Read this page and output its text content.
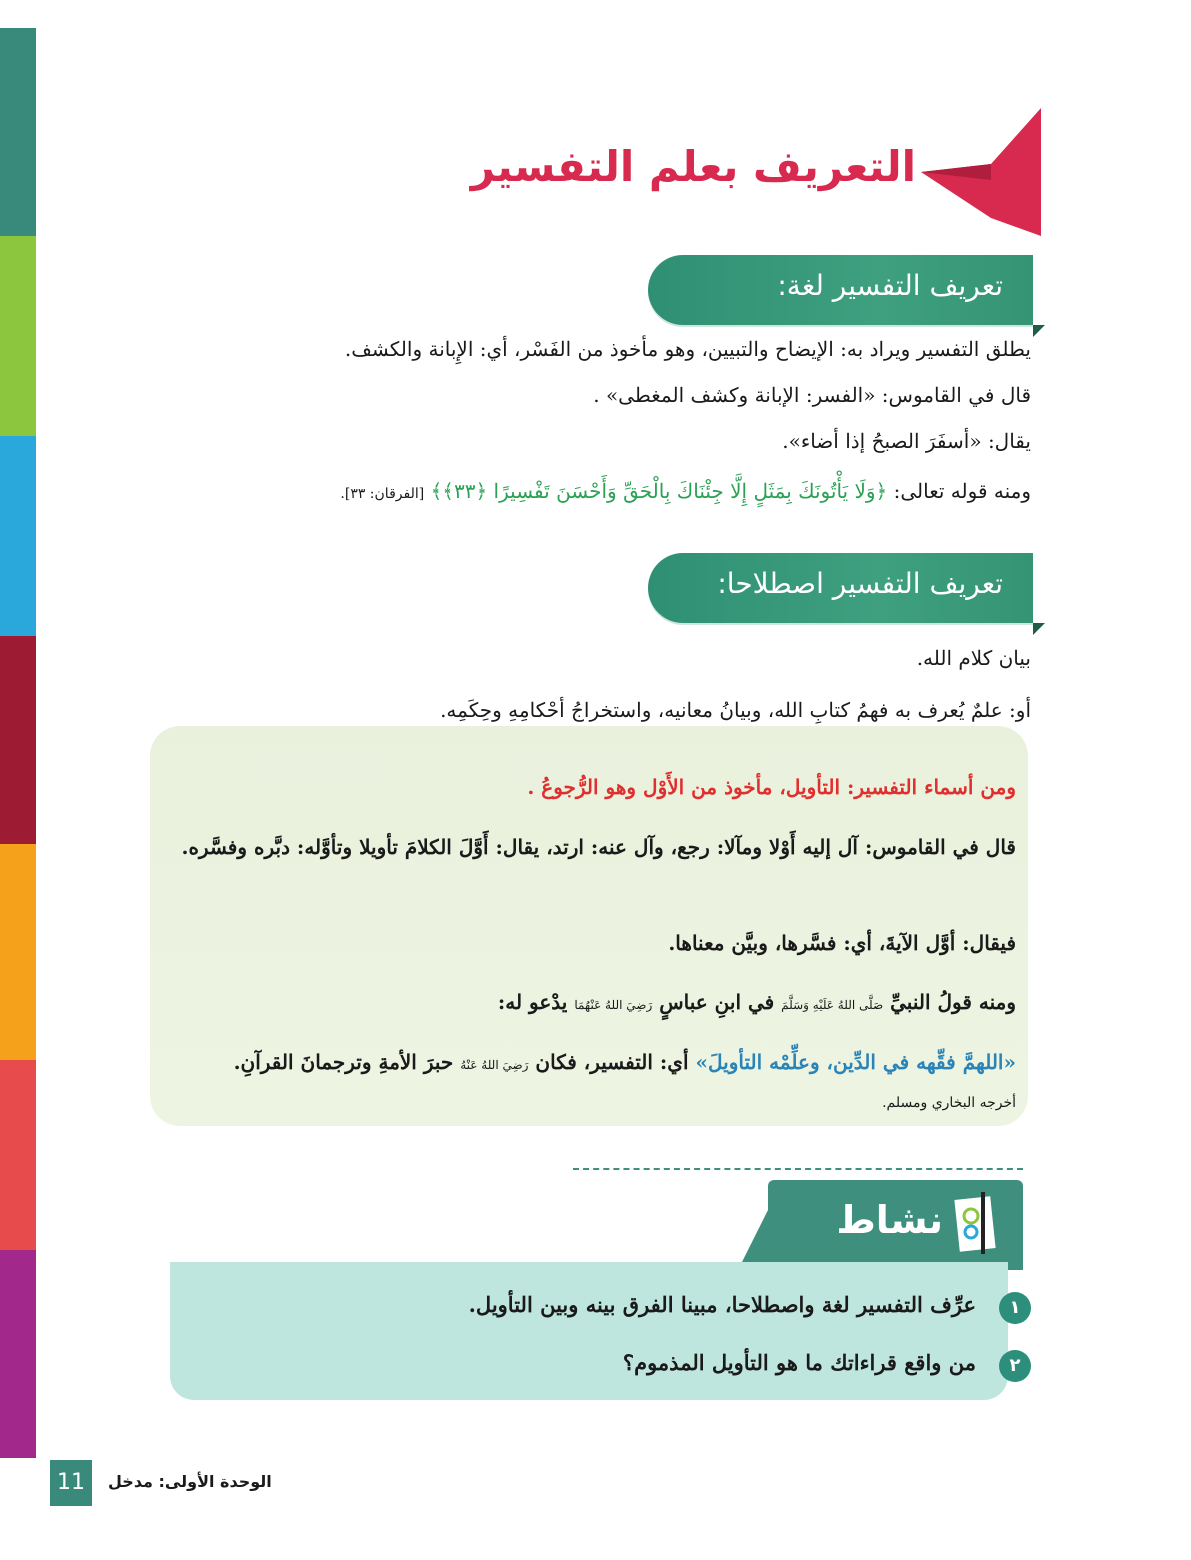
التعريف بعلم التفسير
تعريف التفسير لغة:
يطلق التفسير ويراد به: الإيضاح والتبيين، وهو مأخوذ من الفَسْر، أي: الإِبانة والكشف.
قال في القاموس: «الفسر: الإبانة وكشف المغطى» .
يقال: «أسفَرَ الصبحُ إذا أضاء».
ومنه قوله تعالى: ﴿وَلَا يَأْتُونَكَ بِمَثَلٍ إِلَّا جِئْنَاكَ بِالْحَقِّ وَأَحْسَنَ تَفْسِيرًا ﴿٣٣﴾﴾ [الفرقان: ٣٣].
تعريف التفسير اصطلاحا:
بيان كلام الله.
أو: علمٌ يُعرف به فهمُ كتابِ الله، وبيانُ معانيه، واستخراجُ أحْكامِهِ وحِكَمِه.
ومن أسماء التفسير: التأويل، مأخوذ من الأَوْل وهو الرُّجوعُ .
قال في القاموس: آل إليه أَوْلا ومآلا: رجع، وآل عنه: ارتد، يقال: أَوَّلَ الكلامَ تأويلا وتأوَّله: دبَّره وفسَّره.
فيقال: أوَّل الآيةَ، أي: فسَّرها، وبيَّن معناها.
ومنه قولُ النبيِّ صَلَّى اللهُ عَلَيْهِ وَسَلَّمَ في ابنِ عباسٍ رَضِيَ اللهُ عَنْهُمَا يدْعو له:
«اللهمَّ فقِّهه في الدِّين، وعلِّمْه التأويلَ» أي: التفسير، فكان رَضِيَ اللهُ عَنْهُ حبرَ الأمةِ وترجمانَ القرآنِ.
أخرجه البخاري ومسلم.
نشاط
١
عرِّف التفسير لغة واصطلاحا، مبينا الفرق بينه وبين التأويل.
٢
من واقع قراءاتك ما هو التأويل المذموم؟
11	الوحدة الأولى: مدخل
